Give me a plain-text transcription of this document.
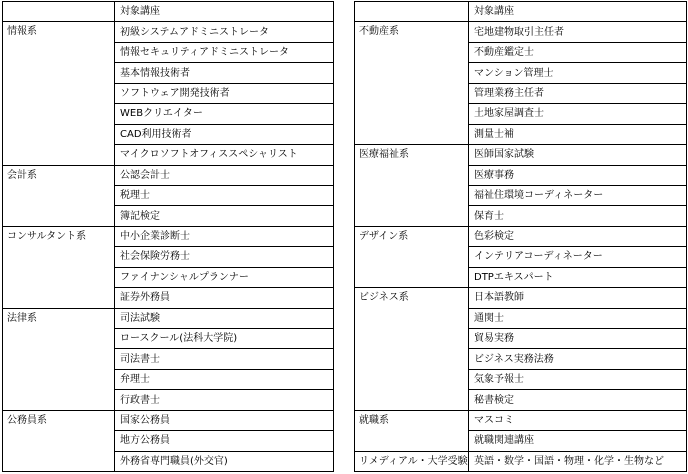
	対象講座
情報系	初級システムアドミニストレータ
	情報セキュリティアドミニストレータ
	基本情報技術者
	ソフトウェア開発技術者
	WEBクリエイター
	CAD利用技術者
	マイクロソフトオフィススペシャリスト
会計系	公認会計士
	税理士
	簿記検定
コンサルタント系	中小企業診断士
	社会保険労務士
	ファイナンシャルプランナー
	証券外務員
法律系	司法試験
	ロースクール(法科大学院)
	司法書士
	弁理士
	行政書士
公務員系	国家公務員
	地方公務員
	外務省専門職員(外交官)
	対象講座
不動産系	宅地建物取引主任者
	不動産鑑定士
	マンション管理士
	管理業務主任者
	土地家屋調査士
	測量士補
医療福祉系	医師国家試験
	医療事務
	福祉住環境コーディネーター
	保育士
デザイン系	色彩検定
	インテリアコーディネーター
	DTPエキスパート
ビジネス系	日本語教師
	通関士
	貿易実務
	ビジネス実務法務
	気象予報士
	秘書検定
就職系	マスコミ
	就職関連講座
リメディアル・大学受験	英語・数学・国語・物理・化学・生物など
